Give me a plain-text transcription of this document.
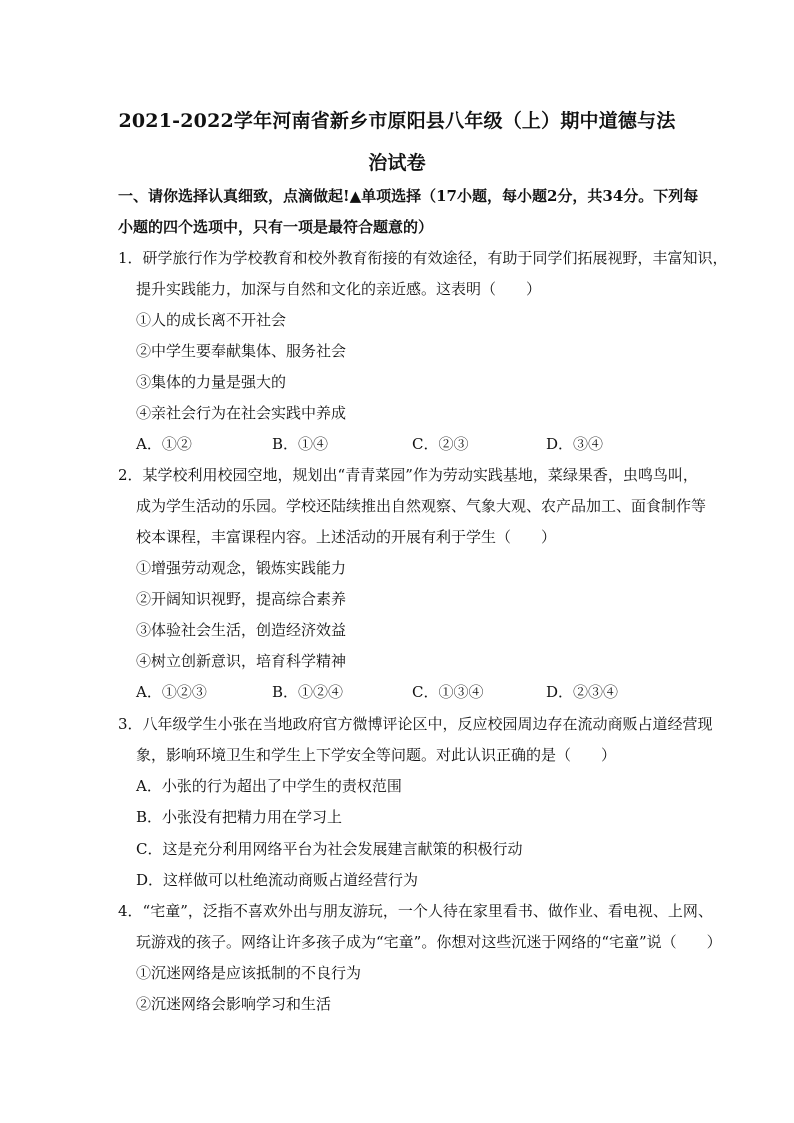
2021-2022学年河南省新乡市原阳县八年级（上）期中道德与法
治试卷
一、请你选择认真细致，点滴做起!▲单项选择（17小题，每小题2分，共34分。下列每
小题的四个选项中，只有一项是最符合题意的）
1．研学旅行作为学校教育和校外教育衔接的有效途径，有助于同学们拓展视野，丰富知识，
提升实践能力，加深与自然和文化的亲近感。这表明（　　）
①人的成长离不开社会
②中学生要奉献集体、服务社会
③集体的力量是强大的
④亲社会行为在社会实践中养成
A．①②	B．①④	C．②③	D．③④
2．某学校利用校园空地，规划出“青青菜园”作为劳动实践基地，菜绿果香，虫鸣鸟叫，
成为学生活动的乐园。学校还陆续推出自然观察、气象大观、农产品加工、面食制作等
校本课程，丰富课程内容。上述活动的开展有利于学生（　　）
①增强劳动观念，锻炼实践能力
②开阔知识视野，提高综合素养
③体验社会生活，创造经济效益
④树立创新意识，培育科学精神
A．①②③	B．①②④	C．①③④	D．②③④
3．八年级学生小张在当地政府官方微博评论区中，反应校园周边存在流动商贩占道经营现
象，影响环境卫生和学生上下学安全等问题。对此认识正确的是（　　）
A．小张的行为超出了中学生的责权范围
B．小张没有把精力用在学习上
C．这是充分利用网络平台为社会发展建言献策的积极行动
D．这样做可以杜绝流动商贩占道经营行为
4．“宅童”，泛指不喜欢外出与朋友游玩，一个人待在家里看书、做作业、看电视、上网、
玩游戏的孩子。网络让许多孩子成为“宅童”。你想对这些沉迷于网络的“宅童”说（　　）
①沉迷网络是应该抵制的不良行为
②沉迷网络会影响学习和生活
